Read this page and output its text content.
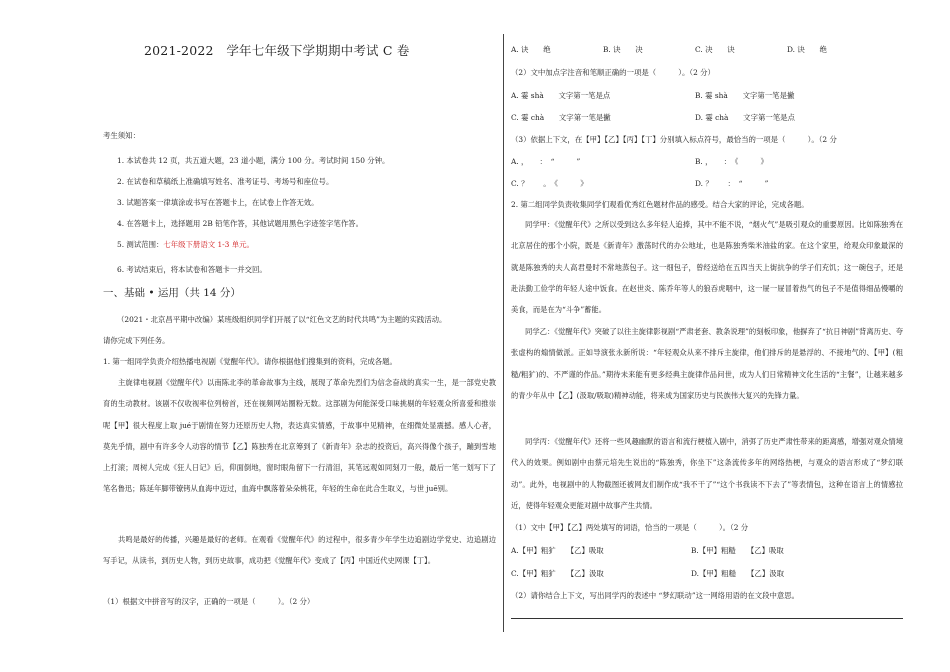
2021-2022　学年七年级下学期期中考试 C 卷
考生须知：
1. 本试卷共 12 页，共五道大题，23 道小题，满分 100 分。考试时间 150 分钟。
2. 在试卷和草稿纸上准确填写姓名、准考证号、考场号和座位号。
3. 试题答案一律填涂或书写在答题卡上，在试卷上作答无效。
4. 在答题卡上，选择题用 2B 铅笔作答，其他试题用黑色字迹签字笔作答。
5. 测试范围：七年级下册语文 1-3 单元。
6. 考试结束后，将本试卷和答题卡一并交回。
一、基础 • 运用（共 14 分）
（2021・北京昌平期中改编）某班级组织同学们开展了以“红色文艺的时代共鸣”为主题的实践活动。
请你完成下列任务。
1. 第一组同学负责介绍热播电视剧《觉醒年代》。请你根据他们搜集到的资料，完成各题。
主旋律电视剧《觉醒年代》以南陈北李的革命故事为主线，展现了革命先烈们为信念奋战的真实一生，是一部党史教育的生动教材。该剧不仅收视率位列榜首，还在视频网站圈粉无数。这部剧为何能深受口味挑剔的年轻观众所喜爱和推崇呢【甲】很大程度上取 jué于剧情在努力还原历史人物，表达真实情感，于故事中见精神，在细微处显震撼。感人心者，莫先乎情，剧中有许多令人动容的情节【乙】陈独秀在北京筹到了《新青年》杂志的投资后，高兴得像个孩子，蹦到雪地上打滚；周树人完成《狂人日记》后，仰面倒地，窗时眼角留下一行清泪，其笔远观如同刻刀一般，最后一笔一划写下了笔名鲁迅；陈延年脚带镣铐从血海中迈过，血海中飘落着朵朵桃花，年轻的生命在此合生取义，与世 juē别。
共鸣是最好的传播，兴趣是最好的老师。在观看《觉醒年代》的过程中，很多青少年学生边追剧边学党史、边追剧边写手记，从读书，到历史人物，到历史故事，成功把《觉醒年代》变成了【丙】中国近代史网课【丁】。
（1）根据文中拼音写的汉字，正确的一项是（　　　）。（2 分）
A. 诀　　绝	B. 诀　　决	C. 决　　诀	D. 诀　　绝
（2）文中加点字注音和笔顺正确的一项是（　　　）。（2 分）
A. 霎 shà　　文字第一笔是点	B. 霎 shà　　文字第一笔是撇
C. 霎 chà　　文字第一笔是撇	D. 霎 chà　　文字第一笔是点
（3）依据上下文，在【甲】【乙】【丙】【丁】分别填入标点符号，最恰当的一项是（　　　）。（2 分
A. ，　　：　“　　　”	B. ，　　：　《　　　》
C. ？　　。　《　　　》	D. ？　　：　“　　　”
2. 第二组同学负责收集同学们观看优秀红色题材作品的感受。结合大家的评论，完成各题。
同学甲：《觉醒年代》之所以受到这么多年轻人追捧，其中不能不说，“烟火气”是吸引观众的重要原因。比如陈独秀在北京居住的那个小院，既是《新青年》激荡时代的办公地址，也是陈独秀柴米油盐的家。在这个家里，给观众印象最深的就是陈独秀的夫人高君曼时不常地蒸包子。这一细包子，曾经送给在五四当天上街抗争的学子们充饥；这一碗包子，还是赴法勤工俭学的年轻人途中饭食。在赵世炎、陈乔年等人的狼吞虎咽中，这一屉一屉冒着热气的包子不是值得细品慢嚼的美食，而是在为“斗争”蓄能。
同学乙：《觉醒年代》突破了以往主旋律影视剧“严肃老套、教条说理”的刻板印象，他摒弃了“抗日神剧”背离历史、夸张虚构的煽情做派。正如导演张永新所说：“年轻观众从来不排斥主旋律，他们排斥的是悬浮的、不接地气的、【甲】(粗糙/粗犷)的、不严谨的作品。”期待未来能有更多经典主旋律作品问世，成为人们日常精神文化生活的“主餐”，让越来越多的青少年从中【乙】(汲取/吸取)精神动能，将来成为国家历史与民族伟大复兴的先锋力量。
同学丙：《觉醒年代》还将一些风趣幽默的语言和流行梗植入剧中，消弭了历史严肃性带来的距离感，增强对观众情境代入的效果。例如剧中由蔡元培先生说出的“陈独秀，你坐下”这条流传多年的网络热梗，与观众的语言形成了“梦幻联动”。此外，电视剧中的人物截图还被网友们制作成“我不干了”“这个书我读不下去了”等表情包，这种在语言上的情感拉近，使得年轻观众更能对剧中故事产生共情。
（1）文中【甲】【乙】两处填写的词语，恰当的一项是（　　　）。（2 分
A.【甲】粗犷　　【乙】吸取	B.【甲】粗糙　　【乙】吸取
C.【甲】粗犷　　【乙】汲取	D.【甲】粗糙　　【乙】汲取
（2）请你结合上下文，写出同学丙的表述中 “梦幻联动”这一网络用语的在文段中意思。
